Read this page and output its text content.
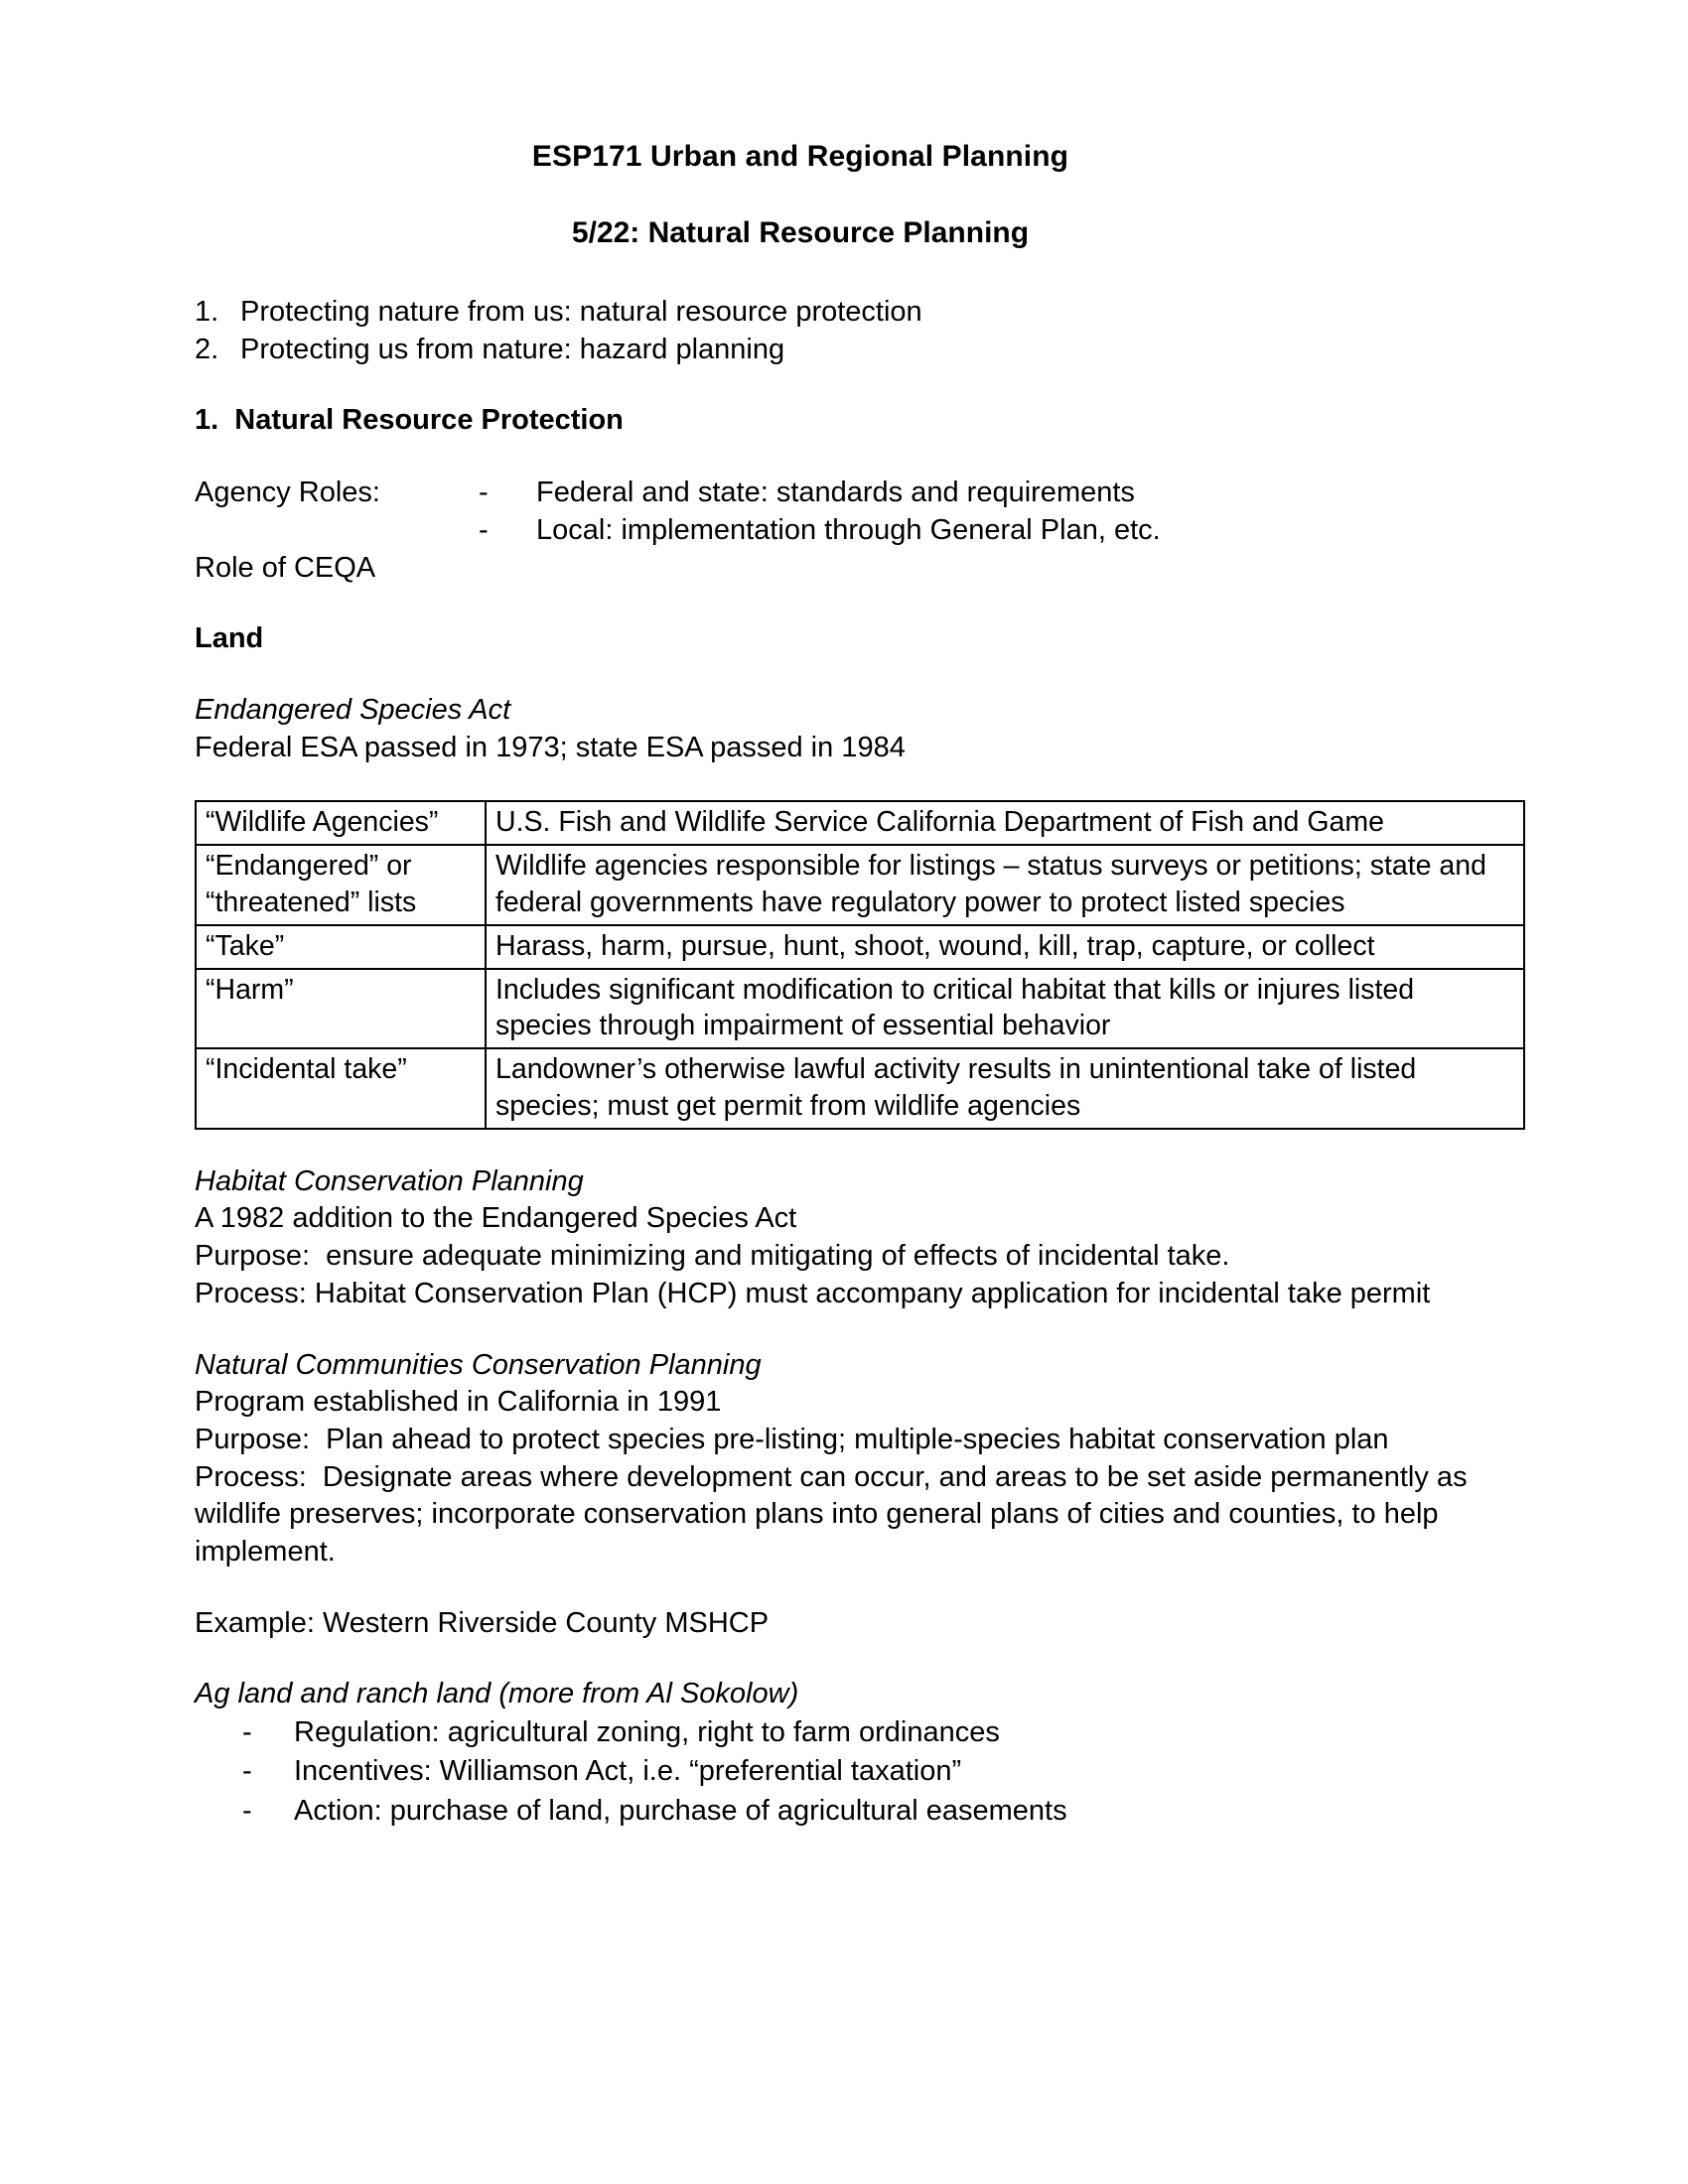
ESP171 Urban and Regional Planning
5/22: Natural Resource Planning
1. Protecting nature from us: natural resource protection
2. Protecting us from nature: hazard planning
1.  Natural Resource Protection
Agency Roles:	-	Federal and state: standards and requirements
-	Local: implementation through General Plan, etc.
Role of CEQA
Land
Endangered Species Act
Federal ESA passed in 1973; state ESA passed in 1984
“Wildlife Agencies”	U.S. Fish and Wildlife Service California Department of Fish and Game
“Endangered” or “threatened” lists	Wildlife agencies responsible for listings – status surveys or petitions; state and federal governments have regulatory power to protect listed species
“Take”	Harass, harm, pursue, hunt, shoot, wound, kill, trap, capture, or collect
“Harm”	Includes significant modification to critical habitat that kills or injures listed species through impairment of essential behavior
“Incidental take”	Landowner’s otherwise lawful activity results in unintentional take of listed species; must get permit from wildlife agencies
Habitat Conservation Planning
A 1982 addition to the Endangered Species Act
Purpose:  ensure adequate minimizing and mitigating of effects of incidental take.
Process: Habitat Conservation Plan (HCP) must accompany application for incidental take permit
Natural Communities Conservation Planning
Program established in California in 1991
Purpose:  Plan ahead to protect species pre-listing; multiple-species habitat conservation plan
Process:  Designate areas where development can occur, and areas to be set aside permanently as wildlife preserves; incorporate conservation plans into general plans of cities and counties, to help implement.
Example: Western Riverside County MSHCP
Ag land and ranch land (more from Al Sokolow)
- Regulation: agricultural zoning, right to farm ordinances
- Incentives: Williamson Act, i.e. “preferential taxation”
- Action: purchase of land, purchase of agricultural easements
